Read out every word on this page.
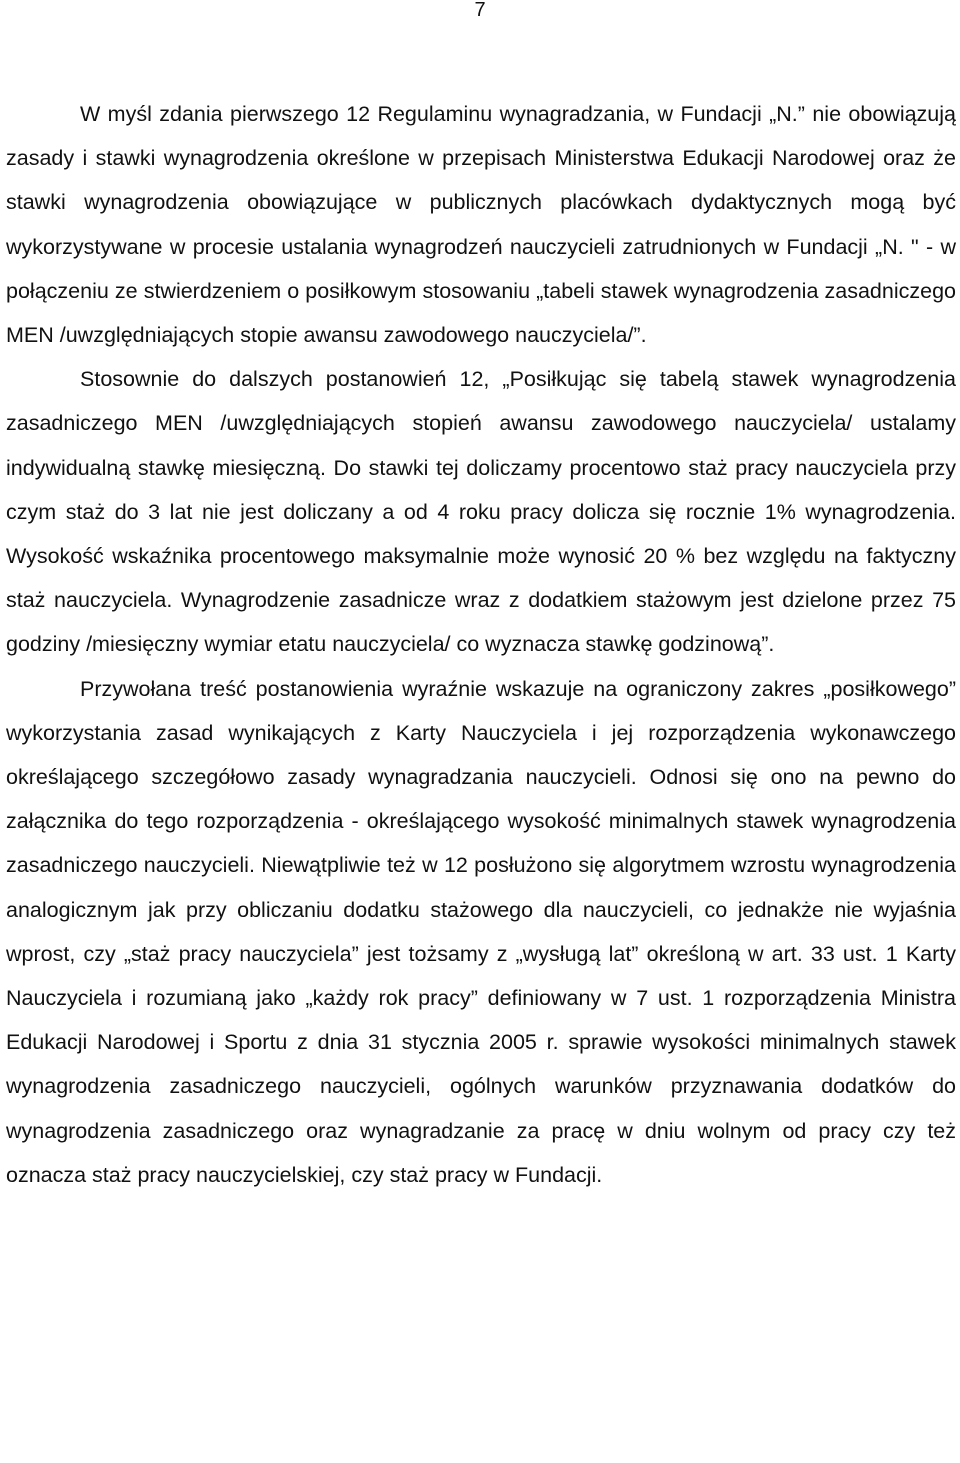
7

W myśl zdania pierwszego 12 Regulaminu wynagradzania, w Fundacji „N.” nie obowiązują zasady i stawki wynagrodzenia określone w przepisach Ministerstwa Edukacji Narodowej oraz że stawki wynagrodzenia obowiązujące w publicznych placówkach dydaktycznych mogą być wykorzystywane w procesie ustalania wynagrodzeń nauczycieli zatrudnionych w Fundacji „N. " - w połączeniu ze stwierdzeniem o posiłkowym stosowaniu „tabeli stawek wynagrodzenia zasadniczego MEN /uwzględniających stopie awansu zawodowego nauczyciela/”.

Stosownie do dalszych postanowień 12, „Posiłkując się tabelą stawek wynagrodzenia zasadniczego MEN /uwzględniających stopień awansu zawodowego nauczyciela/ ustalamy indywidualną stawkę miesięczną. Do stawki tej doliczamy procentowo staż pracy nauczyciela przy czym staż do 3 lat nie jest doliczany a od 4 roku pracy dolicza się rocznie 1% wynagrodzenia. Wysokość wskaźnika procentowego maksymalnie może wynosić 20 % bez względu na faktyczny staż nauczyciela. Wynagrodzenie zasadnicze wraz z dodatkiem stażowym jest dzielone przez 75 godziny /miesięczny wymiar etatu nauczyciela/ co wyznacza stawkę godzinową”.

Przywołana treść postanowienia wyraźnie wskazuje na ograniczony zakres „posiłkowego” wykorzystania zasad wynikających z Karty Nauczyciela i jej rozporządzenia wykonawczego określającego szczegółowo zasady wynagradzania nauczycieli. Odnosi się ono na pewno do załącznika do tego rozporządzenia - określającego wysokość minimalnych stawek wynagrodzenia zasadniczego nauczycieli. Niewątpliwie też w 12 posłużono się algorytmem wzrostu wynagrodzenia analogicznym jak przy obliczaniu dodatku stażowego dla nauczycieli, co jednakże nie wyjaśnia wprost, czy „staż pracy nauczyciela” jest tożsamy z „wysługą lat” określoną w art. 33 ust. 1 Karty Nauczyciela i rozumianą jako „każdy rok pracy” definiowany w 7 ust. 1 rozporządzenia Ministra Edukacji Narodowej i Sportu z dnia 31 stycznia 2005 r. sprawie wysokości minimalnych stawek wynagrodzenia zasadniczego nauczycieli, ogólnych warunków przyznawania dodatków do wynagrodzenia zasadniczego oraz wynagradzanie za pracę w dniu wolnym od pracy czy też oznacza staż pracy nauczycielskiej, czy staż pracy w Fundacji.
